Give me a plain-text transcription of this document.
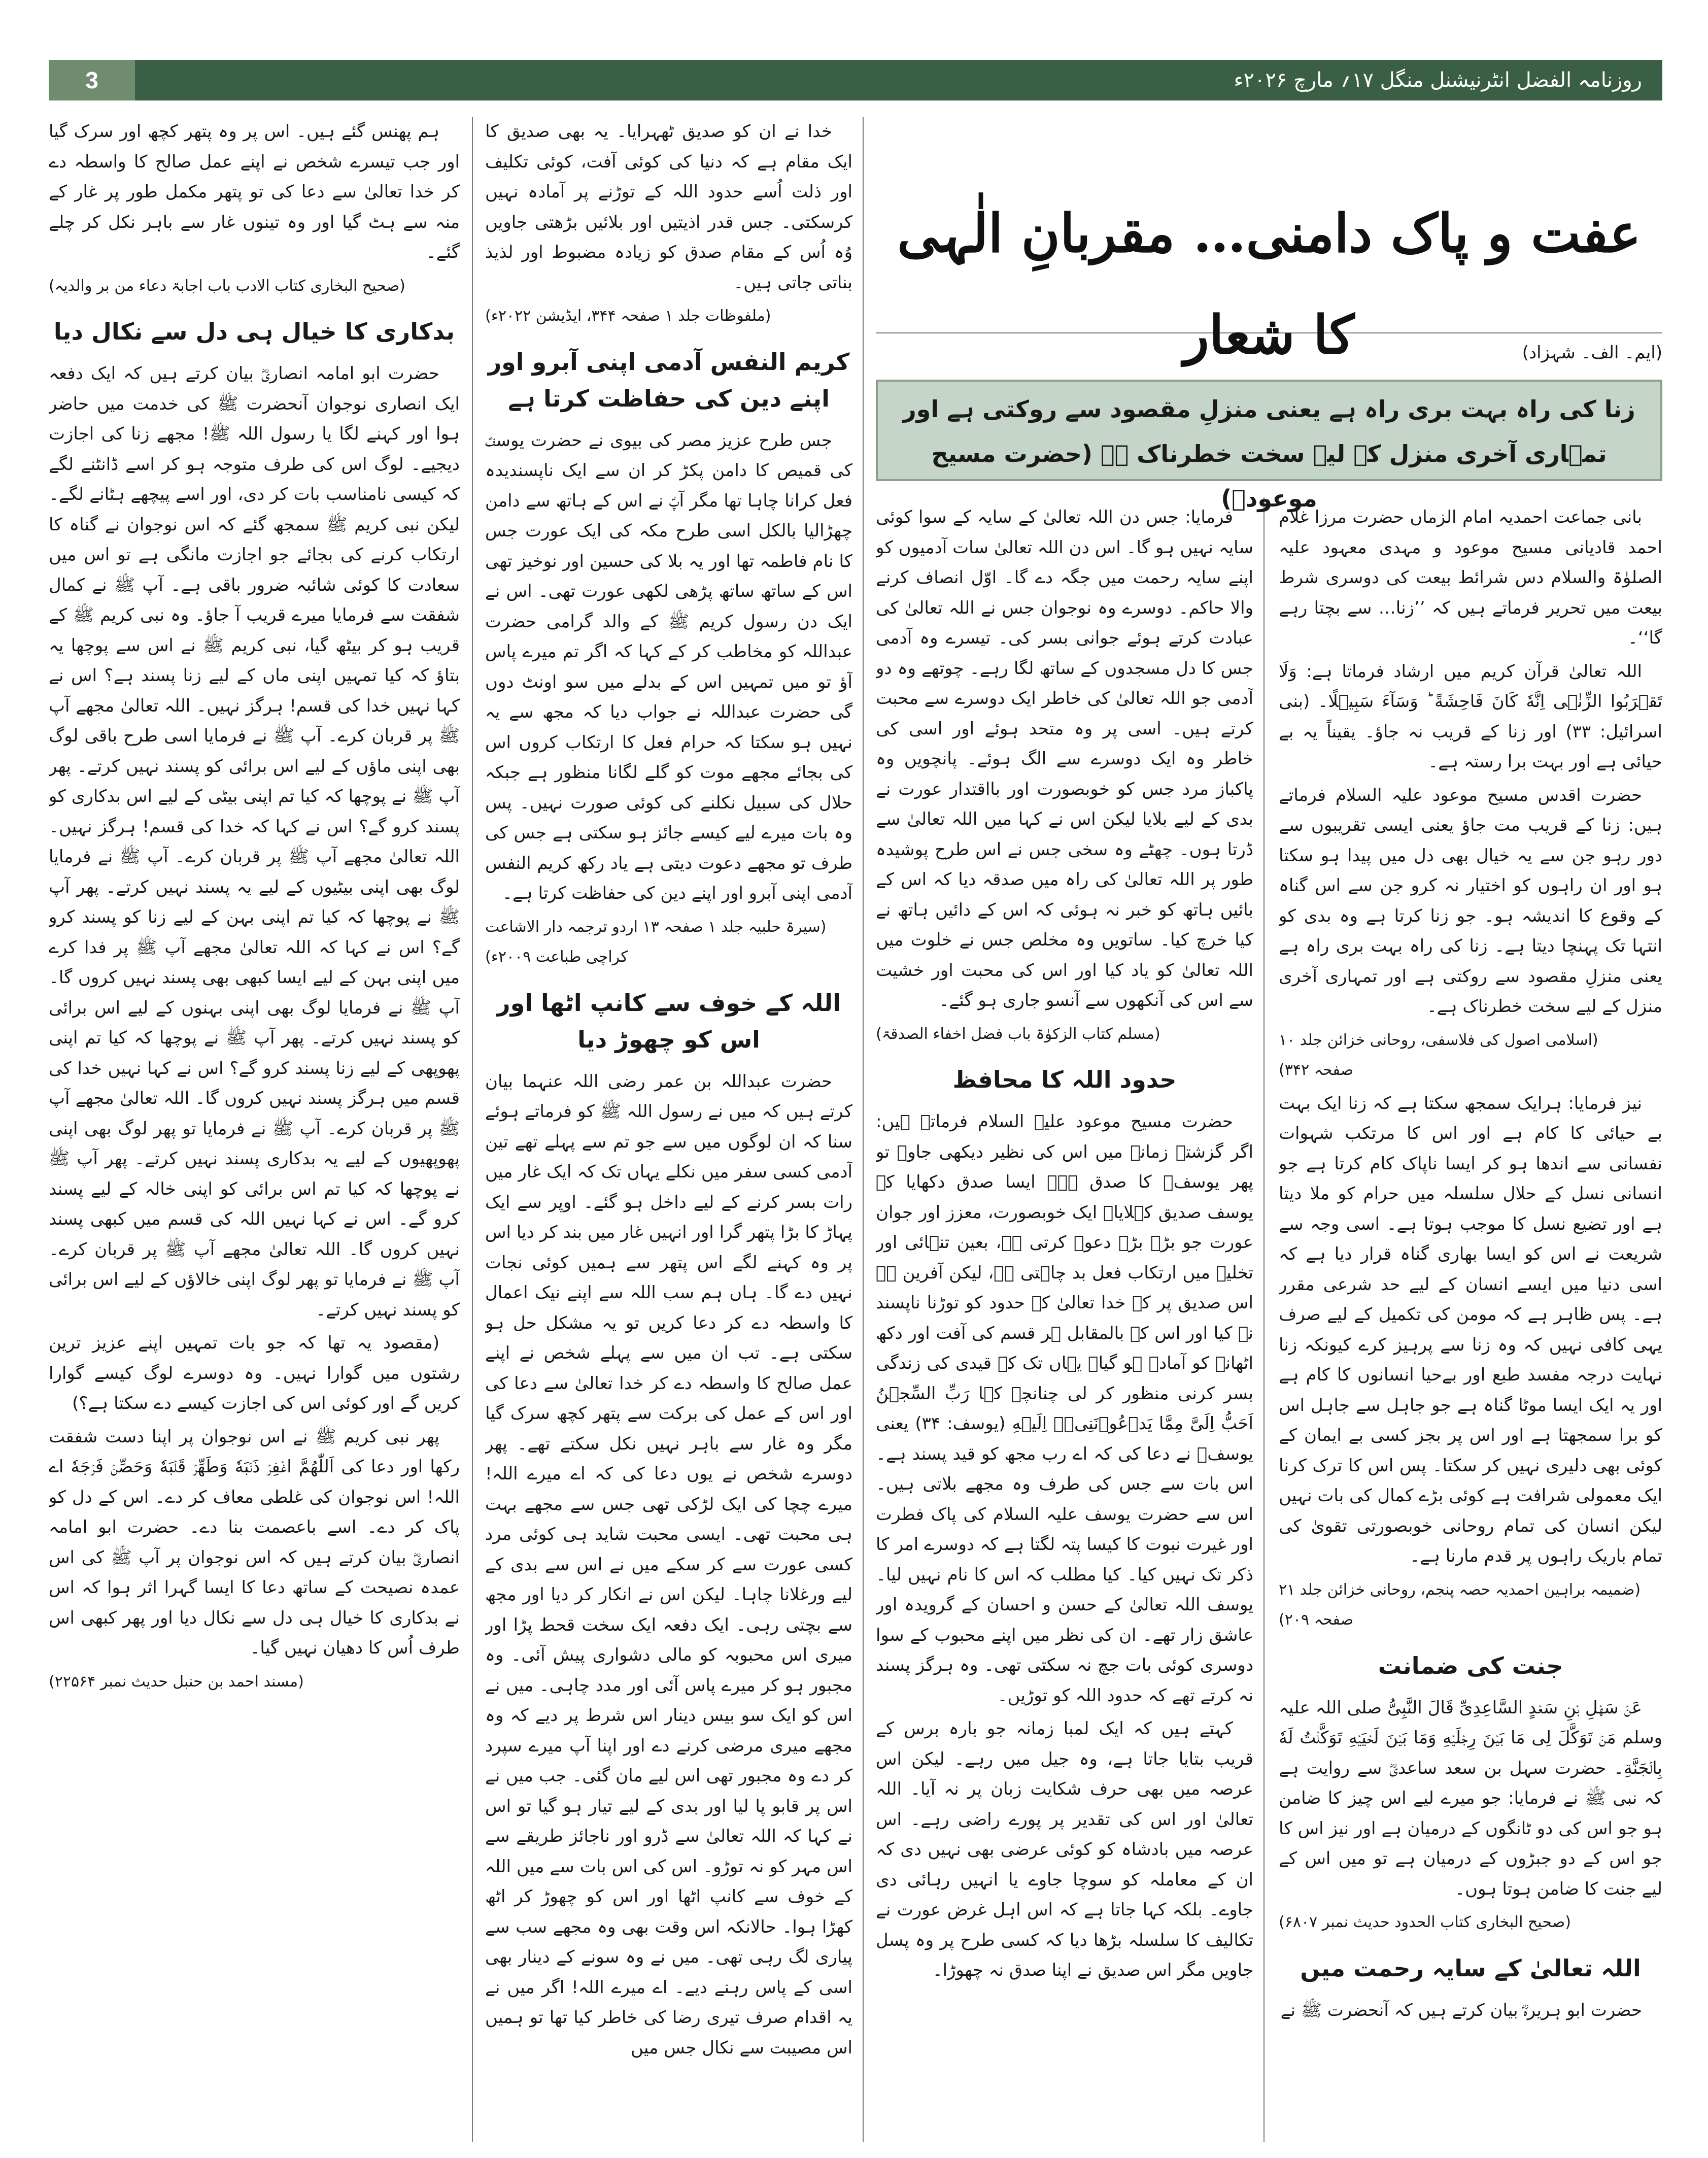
3	روزنامہ الفضل انٹرنیشنل منگل ۱۷؍ مارچ ۲۰۲۶ء
عفت و پاک دامنی… مقربانِ الٰہی کا شعار	(ایم۔ الف۔ شہزاد)
زنا کی راہ بہت بری راہ ہے یعنی منزلِ مقصود سے روکتی ہے اور
تمہاری آخری منزل کے لیے سخت خطرناک ہے (حضرت مسیح موعودؑ)

بانی جماعت احمدیہ امام الزماں حضرت مرزا غلام احمد قادیانی مسیح موعود و مہدی معہود علیہ الصلوٰۃ والسلام دس شرائط بیعت کی دوسری شرط بیعت میں تحریر فرماتے ہیں کہ ’’زنا… سے بچتا رہے گا‘‘۔

اللہ تعالیٰ قرآن کریم میں ارشاد فرماتا ہے: وَلَا تَقۡرَبُوا الزِّنٰۤی اِنَّهٗ کَانَ فَاحِشَةً ؕ وَسَآءَ سَبِیۡلًا۔ (بنی اسرائیل: ۳۳) اور زنا کے قریب نہ جاؤ۔ یقیناً یہ بے حیائی ہے اور بہت برا رستہ ہے۔

حضرت اقدس مسیح موعود علیہ السلام فرماتے ہیں: زنا کے قریب مت جاؤ یعنی ایسی تقریبوں سے دور رہو جن سے یہ خیال بھی دل میں پیدا ہو سکتا ہو اور ان راہوں کو اختیار نہ کرو جن سے اس گناہ کے وقوع کا اندیشہ ہو۔ جو زنا کرتا ہے وہ بدی کو انتہا تک پہنچا دیتا ہے۔ زنا کی راہ بہت بری راہ ہے یعنی منزلِ مقصود سے روکتی ہے اور تمہاری آخری منزل کے لیے سخت خطرناک ہے۔

(اسلامی اصول کی فلاسفی، روحانی خزائن جلد ۱۰ صفحہ ۳۴۲)

نیز فرمایا: ہرایک سمجھ سکتا ہے کہ زنا ایک بہت بے حیائی کا کام ہے اور اس کا مرتکب شہوات نفسانی سے اندھا ہو کر ایسا ناپاک کام کرتا ہے جو انسانی نسل کے حلال سلسلہ میں حرام کو ملا دیتا ہے اور تضیع نسل کا موجب ہوتا ہے۔ اسی وجہ سے شریعت نے اس کو ایسا بھاری گناہ قرار دیا ہے کہ اسی دنیا میں ایسے انسان کے لیے حد شرعی مقرر ہے۔ پس ظاہر ہے کہ مومن کی تکمیل کے لیے صرف یہی کافی نہیں کہ وہ زنا سے پرہیز کرے کیونکہ زنا نہایت درجہ مفسد طبع اور بےحیا انسانوں کا کام ہے اور یہ ایک ایسا موٹا گناہ ہے جو جاہل سے جاہل اس کو برا سمجھتا ہے اور اس پر بجز کسی بے ایمان کے کوئی بھی دلیری نہیں کر سکتا۔ پس اس کا ترک کرنا ایک معمولی شرافت ہے کوئی بڑے کمال کی بات نہیں لیکن انسان کی تمام روحانی خوبصورتی تقویٰ کی تمام باریک راہوں پر قدم مارنا ہے۔

(ضمیمہ براہین احمدیہ حصہ پنجم، روحانی خزائن جلد ۲۱ صفحہ ۲۰۹)

جنت کی ضمانت

عَنۡ سَهۡلِ بۡنِ سَعۡدٍ السَّاعِدِیِّ قَالَ النَّبِیُّ صلی اللہ علیہ وسلم مَنۡ تَوَکَّلَ لِی مَا بَیۡنَ رِجۡلَیۡهِ وَمَا بَیۡنَ لَحۡیَیۡهِ تَوَکَّلۡتُ لَهٗ بِالۡجَنَّةِ۔ حضرت سہل بن سعد ساعدیؓ سے روایت ہے کہ نبی ﷺ نے فرمایا: جو میرے لیے اس چیز کا ضامن ہو جو اس کی دو ٹانگوں کے درمیان ہے اور نیز اس کا جو اس کے دو جبڑوں کے درمیان ہے تو میں اس کے لیے جنت کا ضامن ہوتا ہوں۔

(صحیح البخاری کتاب الحدود حدیث نمبر ۶۸۰۷)

اللہ تعالیٰ کے سایہ رحمت میں

حضرت ابو ہریرہؓ بیان کرتے ہیں کہ آنحضرت ﷺ نے

فرمایا: جس دن اللہ تعالیٰ کے سایہ کے سوا کوئی سایہ نہیں ہو گا۔ اس دن اللہ تعالیٰ سات آدمیوں کو اپنے سایہ رحمت میں جگہ دے گا۔ اوّل انصاف کرنے والا حاکم۔ دوسرے وہ نوجوان جس نے اللہ تعالیٰ کی عبادت کرتے ہوئے جوانی بسر کی۔ تیسرے وہ آدمی جس کا دل مسجدوں کے ساتھ لگا رہے۔ چوتھے وہ دو آدمی جو اللہ تعالیٰ کی خاطر ایک دوسرے سے محبت کرتے ہیں۔ اسی پر وہ متحد ہوئے اور اسی کی خاطر وہ ایک دوسرے سے الگ ہوئے۔ پانچویں وہ پاکباز مرد جس کو خوبصورت اور بااقتدار عورت نے بدی کے لیے بلایا لیکن اس نے کہا میں اللہ تعالیٰ سے ڈرتا ہوں۔ چھٹے وہ سخی جس نے اس طرح پوشیدہ طور پر اللہ تعالیٰ کی راہ میں صدقہ دیا کہ اس کے بائیں ہاتھ کو خبر نہ ہوئی کہ اس کے دائیں ہاتھ نے کیا خرچ کیا۔ ساتویں وہ مخلص جس نے خلوت میں اللہ تعالیٰ کو یاد کیا اور اس کی محبت اور خشیت سے اس کی آنکھوں سے آنسو جاری ہو گئے۔

(مسلم کتاب الزکوٰۃ باب فضل اخفاء الصدقۃ)

حدود اللہ کا محافظ

حضرت مسیح موعود علیہ السلام فرماتے ہیں: اگر گزشتہ زمانہ میں اس کی نظیر دیکھی جاوے تو پھر یوسفؑ کا صدق ہے۔ ایسا صدق دکھایا کہ یوسف صدیق کہلایا۔ ایک خوبصورت، معزز اور جوان عورت جو بڑے بڑے دعوے کرتی ہے، بعین تنہائی اور تخلیہ میں ارتکاب فعل بد چاہتی ہے، لیکن آفرین ہے اس صدیق پر کہ خدا تعالیٰ کے حدود کو توڑنا ناپسند نہ کیا اور اس کے بالمقابل ہر قسم کی آفت اور دکھ اٹھانے کو آمادہ ہو گیا۔ یہاں تک کہ قیدی کی زندگی بسر کرنی منظور کر لی چنانچہ کہا رَبِّ السِّجۡنُ اَحَبُّ اِلَیَّ مِمَّا یَدۡعُوۡنَنِیۡۤ اِلَیۡهِ (یوسف: ۳۴) یعنی یوسفؑ نے دعا کی کہ اے رب مجھ کو قید پسند ہے۔ اس بات سے جس کی طرف وہ مجھے بلاتی ہیں۔ اس سے حضرت یوسف علیہ السلام کی پاک فطرت اور غیرت نبوت کا کیسا پتہ لگتا ہے کہ دوسرے امر کا ذکر تک نہیں کیا۔ کیا مطلب کہ اس کا نام نہیں لیا۔ یوسف اللہ تعالیٰ کے حسن و احسان کے گرویدہ اور عاشق زار تھے۔ ان کی نظر میں اپنے محبوب کے سوا دوسری کوئی بات جچ نہ سکتی تھی۔ وہ ہرگز پسند نہ کرتے تھے کہ حدود اللہ کو توڑیں۔

کہتے ہیں کہ ایک لمبا زمانہ جو بارہ برس کے قریب بتایا جاتا ہے، وہ جیل میں رہے۔ لیکن اس عرصہ میں بھی حرف شکایت زبان پر نہ آیا۔ اللہ تعالیٰ اور اس کی تقدیر پر پورے راضی رہے۔ اس عرصہ میں بادشاہ کو کوئی عرضی بھی نہیں دی کہ ان کے معاملہ کو سوچا جاوے یا انہیں رہائی دی جاوے۔ بلکہ کہا جاتا ہے کہ اس اہل غرض عورت نے تکالیف کا سلسلہ بڑھا دیا کہ کسی طرح پر وہ پسل جاویں مگر اس صدیق نے اپنا صدق نہ چھوڑا۔

خدا نے ان کو صدیق ٹھہرایا۔ یہ بھی صدیق کا ایک مقام ہے کہ دنیا کی کوئی آفت، کوئی تکلیف اور ذلت اُسے حدود اللہ کے توڑنے پر آمادہ نہیں کرسکتی۔ جس قدر اذیتیں اور بلائیں بڑھتی جاویں وُہ اُس کے مقام صدق کو زیادہ مضبوط اور لذیذ بناتی جاتی ہیں۔

(ملفوظات جلد ۱ صفحہ ۳۴۴، ایڈیشن ۲۰۲۲ء)

کریم النفس آدمی اپنی آبرو اور اپنے دین کی حفاظت کرتا ہے

جس طرح عزیز مصر کی بیوی نے حضرت یوسفؑ کی قمیص کا دامن پکڑ کر ان سے ایک ناپسندیدہ فعل کرانا چاہا تھا مگر آپؑ نے اس کے ہاتھ سے دامن چھڑالیا بالکل اسی طرح مکہ کی ایک عورت جس کا نام فاطمہ تھا اور یہ بلا کی حسین اور نوخیز تھی اس کے ساتھ ساتھ پڑھی لکھی عورت تھی۔ اس نے ایک دن رسول کریم ﷺ کے والد گرامی حضرت عبداللہ کو مخاطب کر کے کہا کہ اگر تم میرے پاس آؤ تو میں تمہیں اس کے بدلے میں سو اونٹ دوں گی حضرت عبداللہ نے جواب دیا کہ مجھ سے یہ نہیں ہو سکتا کہ حرام فعل کا ارتکاب کروں اس کی بجائے مجھے موت کو گلے لگانا منظور ہے جبکہ حلال کی سبیل نکلنے کی کوئی صورت نہیں۔ پس وہ بات میرے لیے کیسے جائز ہو سکتی ہے جس کی طرف تو مجھے دعوت دیتی ہے یاد رکھ کریم النفس آدمی اپنی آبرو اور اپنے دین کی حفاظت کرتا ہے۔

(سیرۃ حلبیہ جلد ۱ صفحہ ۱۳ اردو ترجمہ دار الاشاعت کراچی طباعت ۲۰۰۹ء)

اللہ کے خوف سے کانپ اٹھا اور اس کو چھوڑ دیا

حضرت عبداللہ بن عمر رضی اللہ عنہما بیان کرتے ہیں کہ میں نے رسول اللہ ﷺ کو فرماتے ہوئے سنا کہ ان لوگوں میں سے جو تم سے پہلے تھے تین آدمی کسی سفر میں نکلے یہاں تک کہ ایک غار میں رات بسر کرنے کے لیے داخل ہو گئے۔ اوپر سے ایک پہاڑ کا بڑا پتھر گرا اور انہیں غار میں بند کر دیا اس پر وہ کہنے لگے اس پتھر سے ہمیں کوئی نجات نہیں دے گا۔ ہاں ہم سب اللہ سے اپنے نیک اعمال کا واسطہ دے کر دعا کریں تو یہ مشکل حل ہو سکتی ہے۔ تب ان میں سے پہلے شخص نے اپنے عمل صالح کا واسطہ دے کر خدا تعالیٰ سے دعا کی اور اس کے عمل کی برکت سے پتھر کچھ سرک گیا مگر وہ غار سے باہر نہیں نکل سکتے تھے۔ پھر دوسرے شخص نے یوں دعا کی کہ اے میرے اللہ! میرے چچا کی ایک لڑکی تھی جس سے مجھے بہت ہی محبت تھی۔ ایسی محبت شاید ہی کوئی مرد کسی عورت سے کر سکے میں نے اس سے بدی کے لیے ورغلانا چاہا۔ لیکن اس نے انکار کر دیا اور مجھ سے بچتی رہی۔ ایک دفعہ ایک سخت قحط پڑا اور میری اس محبوبہ کو مالی دشواری پیش آئی۔ وہ مجبور ہو کر میرے پاس آئی اور مدد چاہی۔ میں نے اس کو ایک سو بیس دینار اس شرط پر دیے کہ وہ مجھے میری مرضی کرنے دے اور اپنا آپ میرے سپرد کر دے وہ مجبور تھی اس لیے مان گئی۔ جب میں نے اس پر قابو پا لیا اور بدی کے لیے تیار ہو گیا تو اس نے کہا کہ اللہ تعالیٰ سے ڈرو اور ناجائز طریقے سے اس مہر کو نہ توڑو۔ اس کی اس بات سے میں اللہ کے خوف سے کانپ اٹھا اور اس کو چھوڑ کر اٹھ کھڑا ہوا۔ حالانکہ اس وقت بھی وہ مجھے سب سے پیاری لگ رہی تھی۔ میں نے وہ سونے کے دینار بھی اسی کے پاس رہنے دیے۔ اے میرے اللہ! اگر میں نے یہ اقدام صرف تیری رضا کی خاطر کیا تھا تو ہمیں اس مصیبت سے نکال جس میں

ہم پھنس گئے ہیں۔ اس پر وہ پتھر کچھ اور سرک گیا اور جب تیسرے شخص نے اپنے عمل صالح کا واسطہ دے کر خدا تعالیٰ سے دعا کی تو پتھر مکمل طور پر غار کے منہ سے ہٹ گیا اور وہ تینوں غار سے باہر نکل کر چلے گئے۔

(صحیح البخاری کتاب الادب باب اجابۃ دعاء من بر والدیہ)

بدکاری کا خیال ہی دل سے نکال دیا

حضرت ابو امامہ انصاریؓ بیان کرتے ہیں کہ ایک دفعہ ایک انصاری نوجوان آنحضرت ﷺ کی خدمت میں حاضر ہوا اور کہنے لگا یا رسول اللہ ﷺ! مجھے زنا کی اجازت دیجیے۔ لوگ اس کی طرف متوجہ ہو کر اسے ڈانٹنے لگے کہ کیسی نامناسب بات کر دی، اور اسے پیچھے ہٹانے لگے۔ لیکن نبی کریم ﷺ سمجھ گئے کہ اس نوجوان نے گناہ کا ارتکاب کرنے کی بجائے جو اجازت مانگی ہے تو اس میں سعادت کا کوئی شائبہ ضرور باقی ہے۔ آپ ﷺ نے کمال شفقت سے فرمایا میرے قریب آ جاؤ۔ وہ نبی کریم ﷺ کے قریب ہو کر بیٹھ گیا، نبی کریم ﷺ نے اس سے پوچھا یہ بتاؤ کہ کیا تمہیں اپنی ماں کے لیے زنا پسند ہے؟ اس نے کہا نہیں خدا کی قسم! ہرگز نہیں۔ اللہ تعالیٰ مجھے آپ ﷺ پر قربان کرے۔ آپ ﷺ نے فرمایا اسی طرح باقی لوگ بھی اپنی ماؤں کے لیے اس برائی کو پسند نہیں کرتے۔ پھر آپ ﷺ نے پوچھا کہ کیا تم اپنی بیٹی کے لیے اس بدکاری کو پسند کرو گے؟ اس نے کہا کہ خدا کی قسم! ہرگز نہیں۔ اللہ تعالیٰ مجھے آپ ﷺ پر قربان کرے۔ آپ ﷺ نے فرمایا لوگ بھی اپنی بیٹیوں کے لیے یہ پسند نہیں کرتے۔ پھر آپ ﷺ نے پوچھا کہ کیا تم اپنی بہن کے لیے زنا کو پسند کرو گے؟ اس نے کہا کہ اللہ تعالیٰ مجھے آپ ﷺ پر فدا کرے میں اپنی بہن کے لیے ایسا کبھی بھی پسند نہیں کروں گا۔ آپ ﷺ نے فرمایا لوگ بھی اپنی بہنوں کے لیے اس برائی کو پسند نہیں کرتے۔ پھر آپ ﷺ نے پوچھا کہ کیا تم اپنی پھوپھی کے لیے زنا پسند کرو گے؟ اس نے کہا نہیں خدا کی قسم میں ہرگز پسند نہیں کروں گا۔ اللہ تعالیٰ مجھے آپ ﷺ پر قربان کرے۔ آپ ﷺ نے فرمایا تو پھر لوگ بھی اپنی پھوپھیوں کے لیے یہ بدکاری پسند نہیں کرتے۔ پھر آپ ﷺ نے پوچھا کہ کیا تم اس برائی کو اپنی خالہ کے لیے پسند کرو گے۔ اس نے کہا نہیں اللہ کی قسم میں کبھی پسند نہیں کروں گا۔ اللہ تعالیٰ مجھے آپ ﷺ پر قربان کرے۔ آپ ﷺ نے فرمایا تو پھر لوگ اپنی خالاؤں کے لیے اس برائی کو پسند نہیں کرتے۔

(مقصود یہ تھا کہ جو بات تمہیں اپنے عزیز ترین رشتوں میں گوارا نہیں۔ وہ دوسرے لوگ کیسے گوارا کریں گے اور کوئی اس کی اجازت کیسے دے سکتا ہے؟)

پھر نبی کریم ﷺ نے اس نوجوان پر اپنا دست شفقت رکھا اور دعا کی اَللّٰهُمَّ اغۡفِرۡ ذَنۡبَهٗ وَطَهِّرۡ قَلۡبَهٗ وَحَصِّنۡ فَرۡجَهٗ اے اللہ! اس نوجوان کی غلطی معاف کر دے۔ اس کے دل کو پاک کر دے۔ اسے باعصمت بنا دے۔ حضرت ابو امامہ انصاریؓ بیان کرتے ہیں کہ اس نوجوان پر آپ ﷺ کی اس عمدہ نصیحت کے ساتھ دعا کا ایسا گہرا اثر ہوا کہ اس نے بدکاری کا خیال ہی دل سے نکال دیا اور پھر کبھی اس طرف اُس کا دھیان نہیں گیا۔

(مسند احمد بن حنبل حدیث نمبر ۲۲۵۶۴)
